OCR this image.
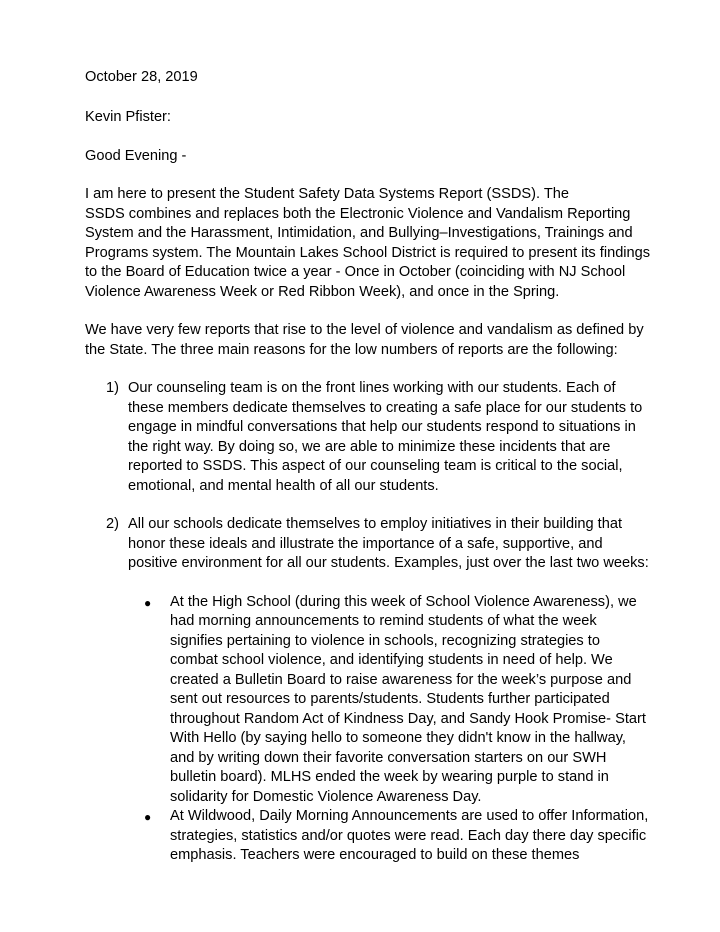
October 28, 2019
Kevin Pfister:
Good Evening -
I am here to present the Student Safety Data Systems Report (SSDS). The
SSDS combines and replaces both the Electronic Violence and Vandalism Reporting
System and the Harassment, Intimidation, and Bullying–Investigations, Trainings and
Programs system. The Mountain Lakes School District is required to present its findings
to the Board of Education twice a year - Once in October (coinciding with NJ School
Violence Awareness Week or Red Ribbon Week), and once in the Spring.
We have very few reports that rise to the level of violence and vandalism as defined by
the State. The three main reasons for the low numbers of reports are the following:
1) Our counseling team is on the front lines working with our students. Each of
these members dedicate themselves to creating a safe place for our students to
engage in mindful conversations that help our students respond to situations in
the right way. By doing so, we are able to minimize these incidents that are
reported to SSDS. This aspect of our counseling team is critical to the social,
emotional, and mental health of all our students.
2) All our schools dedicate themselves to employ initiatives in their building that
honor these ideals and illustrate the importance of a safe, supportive, and
positive environment for all our students. Examples, just over the last two weeks:
● At the High School (during this week of School Violence Awareness), we
had morning announcements to remind students of what the week
signifies pertaining to violence in schools, recognizing strategies to
combat school violence, and identifying students in need of help. We
created a Bulletin Board to raise awareness for the week’s purpose and
sent out resources to parents/students. Students further participated
throughout Random Act of Kindness Day, and Sandy Hook Promise- Start
With Hello (by saying hello to someone they didn't know in the hallway,
and by writing down their favorite conversation starters on our SWH
bulletin board). MLHS ended the week by wearing purple to stand in
solidarity for Domestic Violence Awareness Day.
● At Wildwood, Daily Morning Announcements are used to offer Information,
strategies, statistics and/or quotes were read. Each day there day specific
emphasis. Teachers were encouraged to build on these themes
